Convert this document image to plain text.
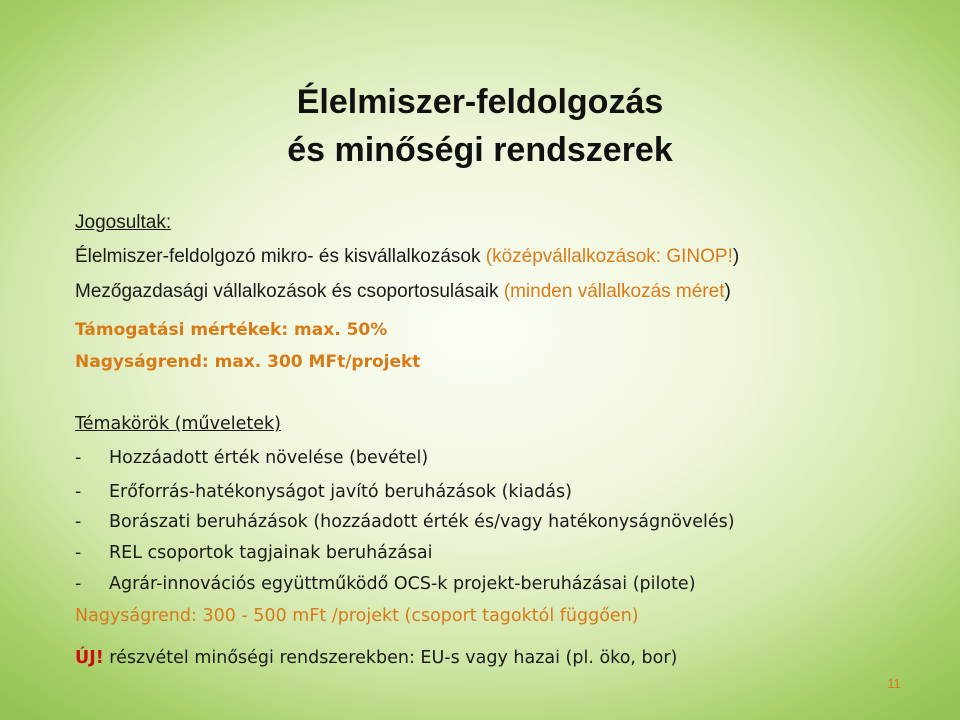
Élelmiszer-feldolgozás
és minőségi rendszerek
Jogosultak:
Élelmiszer-feldolgozó mikro- és kisvállalkozások (középvállalkozások: GINOP!)
Mezőgazdasági vállalkozások és csoportosulásaik (minden vállalkozás méret)
Támogatási mértékek: max. 50%
Nagyságrend: max. 300 MFt/projekt
Témakörök (műveletek)
- Hozzáadott érték növelése (bevétel)
- Erőforrás-hatékonyságot javító beruházások (kiadás)
- Borászati beruházások (hozzáadott érték és/vagy hatékonyságnövelés)
- REL csoportok tagjainak beruházásai
- Agrár-innovációs együttműködő OCS-k projekt-beruházásai (pilote)
Nagyságrend: 300 - 500 mFt /projekt (csoport tagoktól függően)
ÚJ! részvétel minőségi rendszerekben: EU-s vagy hazai (pl. öko, bor)
11
